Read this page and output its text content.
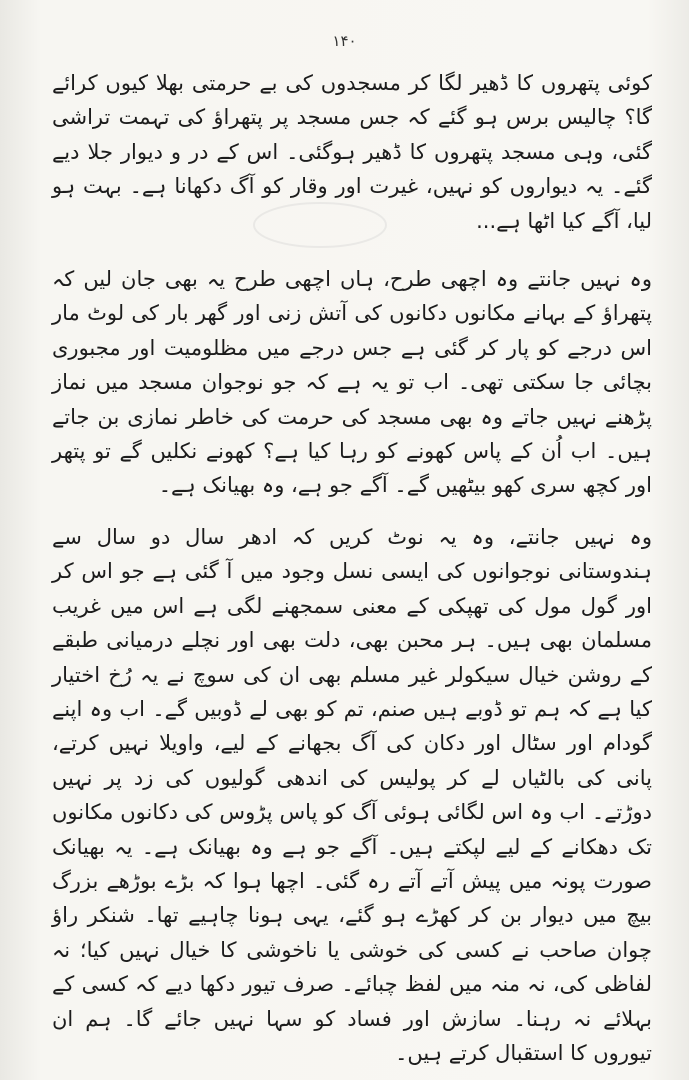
۱۴۰

کوئی پتھروں کا ڈھیر لگا کر مسجدوں کی بے حرمتی بھلا کیوں کرائے گا؟ چالیس برس ہو گئے کہ جس مسجد پر پتھراؤ کی تہمت تراشی گئی، وہی مسجد پتھروں کا ڈھیر ہوگئی۔ اس کے در و دیوار جلا دیے گئے۔ یہ دیواروں کو نہیں، غیرت اور وقار کو آگ دکھانا ہے۔ بہت ہو لیا، آگے کیا اٹھا ہے...

وہ نہیں جانتے وہ اچھی طرح، ہاں اچھی طرح یہ بھی جان لیں کہ پتھراؤ کے بہانے مکانوں دکانوں کی آتش زنی اور گھر بار کی لوٹ مار اس درجے کو پار کر گئی ہے جس درجے میں مظلومیت اور مجبوری بچائی جا سکتی تھی۔ اب تو یہ ہے کہ جو نوجوان مسجد میں نماز پڑھنے نہیں جاتے وہ بھی مسجد کی حرمت کی خاطر نمازی بن جاتے ہیں۔ اب اُن کے پاس کھونے کو رہا کیا ہے؟ کھونے نکلیں گے تو پتھر اور کچھ سری کھو بیٹھیں گے۔ آگے جو ہے، وہ بھیانک ہے۔

وہ نہیں جانتے، وہ یہ نوٹ کریں کہ ادھر سال دو سال سے ہندوستانی نوجوانوں کی ایسی نسل وجود میں آ گئی ہے جو اس کر اور گول مول کی تھپکی کے معنی سمجھنے لگی ہے اس میں غریب مسلمان بھی ہیں۔ ہر محبن بھی، دلت بھی اور نچلے درمیانی طبقے کے روشن خیال سیکولر غیر مسلم بھی ان کی سوچ نے یہ رُخ اختیار کیا ہے کہ ہم تو ڈوبے ہیں صنم، تم کو بھی لے ڈوبیں گے۔ اب وہ اپنے گودام اور سٹال اور دکان کی آگ بجھانے کے لیے، واویلا نہیں کرتے، پانی کی بالٹیاں لے کر پولیس کی اندھی گولیوں کی زد پر نہیں دوڑتے۔ اب وہ اس لگائی ہوئی آگ کو پاس پڑوس کی دکانوں مکانوں تک دھکانے کے لیے لپکتے ہیں۔ آگے جو ہے وہ بھیانک ہے۔ یہ بھیانک صورت پونہ میں پیش آتے آتے رہ گئی۔ اچھا ہوا کہ بڑے بوڑھے بزرگ بیچ میں دیوار بن کر کھڑے ہو گئے، یہی ہونا چاہیے تھا۔ شنکر راؤ چوان صاحب نے کسی کی خوشی یا ناخوشی کا خیال نہیں کیا؛ نہ لفاظی کی، نہ منہ میں لفظ چبائے۔ صرف تیور دکھا دیے کہ کسی کے بہلائے نہ رہنا۔ سازش اور فساد کو سہا نہیں جائے گا۔ ہم ان تیوروں کا استقبال کرتے ہیں۔
